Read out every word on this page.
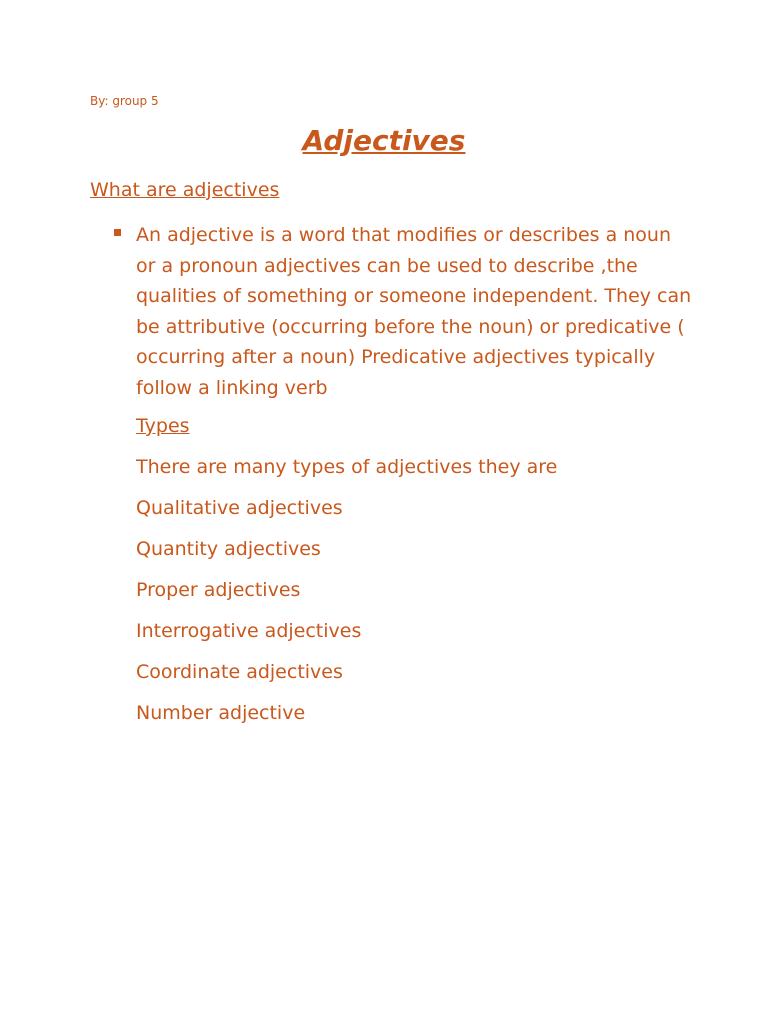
By: group 5
Adjectives
What are adjectives
An adjective is a word that modifies or describes a noun or a pronoun adjectives can be used to describe ,the qualities of something or someone independent. They can be attributive (occurring before the noun) or predicative ( occurring after a noun) Predicative adjectives typically follow a linking verb
Types
There are many types of adjectives they are
Qualitative adjectives
Quantity adjectives
Proper adjectives
Interrogative adjectives
Coordinate adjectives
Number adjective
